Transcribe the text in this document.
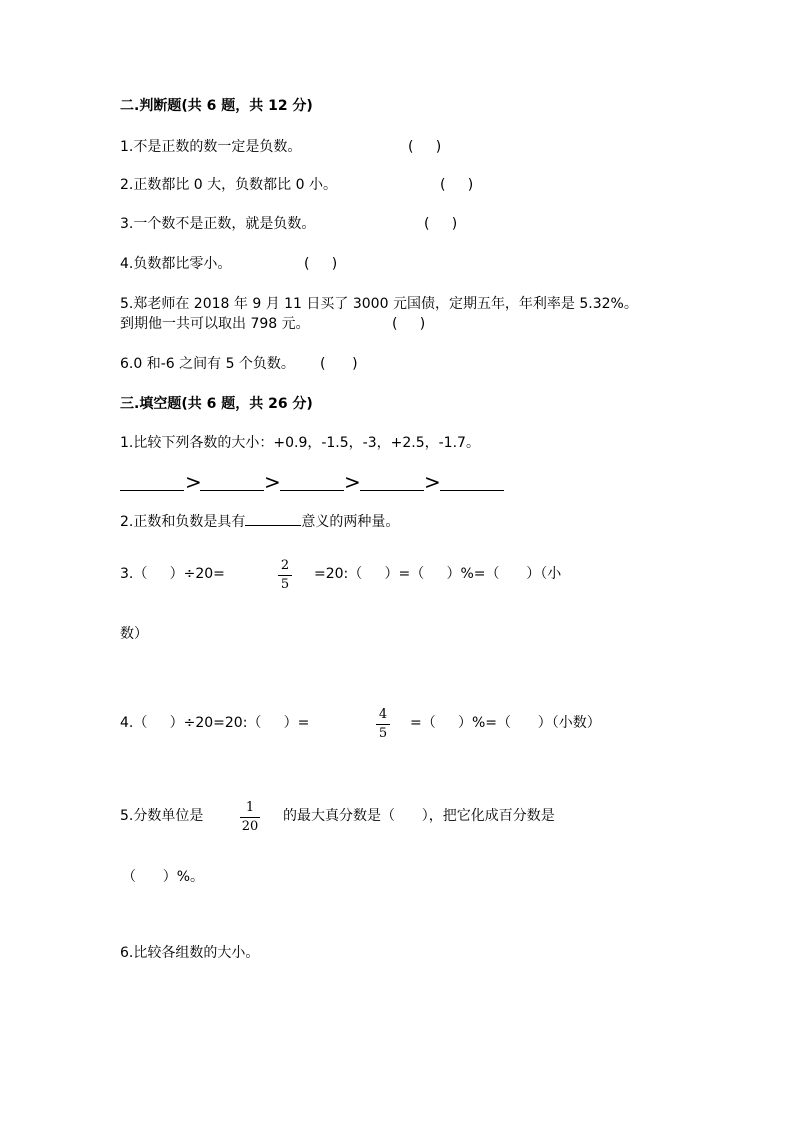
二.判断题(共 6 题，共 12 分)
1.不是正数的数一定是负数。	(     )
2.正数都比 0 大，负数都比 0 小。	(     )
3.一个数不是正数，就是负数。	(     )
4.负数都比零小。	(     )
5.郑老师在 2018 年 9 月 11 日买了 3000 元国债，定期五年，年利率是 5.32%。
到期他一共可以取出 798 元。	(     )
6.0 和-6 之间有 5 个负数。 (      )
三.填空题(共 6 题，共 26 分)
1.比较下列各数的大小：+0.9，-1.5，-3，+2.5，-1.7。
>	>	>	>
2.正数和负数是具有	意义的两种量。
3.（     ）÷20=
2
5
=20:（     ）=（     ）%=（      ）（小
数）
4.（     ）÷20=20:（     ）=
4
5
=（     ）%=（      ）（小数）
5.分数单位是
1
20
的最大真分数是（      ），把它化成百分数是
（      ）%。
6.比较各组数的大小。
